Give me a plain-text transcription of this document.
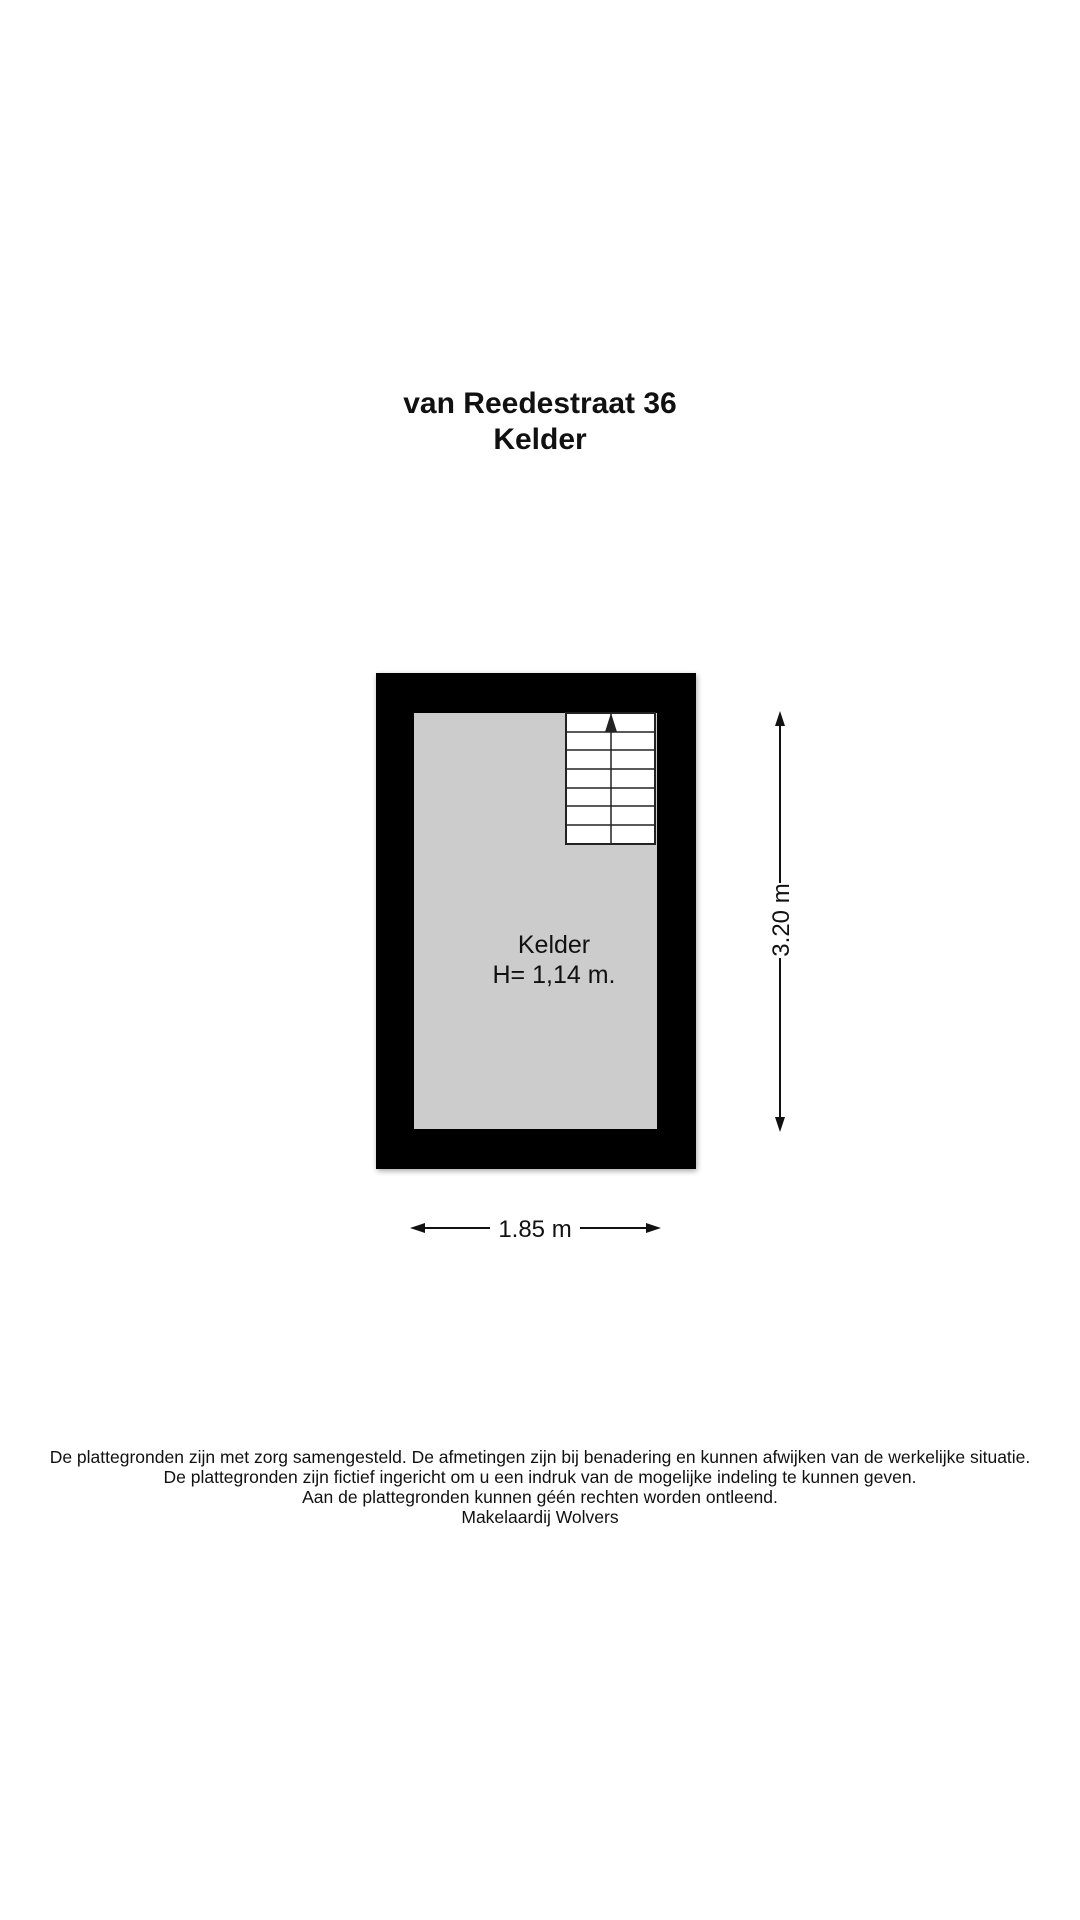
van Reedestraat 36
Kelder
Kelder
H= 1,14 m.
3.20 m
1.85 m
De plattegronden zijn met zorg samengesteld. De afmetingen zijn bij benadering en kunnen afwijken van de werkelijke situatie.
De plattegronden zijn fictief ingericht om u een indruk van de mogelijke indeling te kunnen geven.
Aan de plattegronden kunnen géén rechten worden ontleend.
Makelaardij Wolvers
